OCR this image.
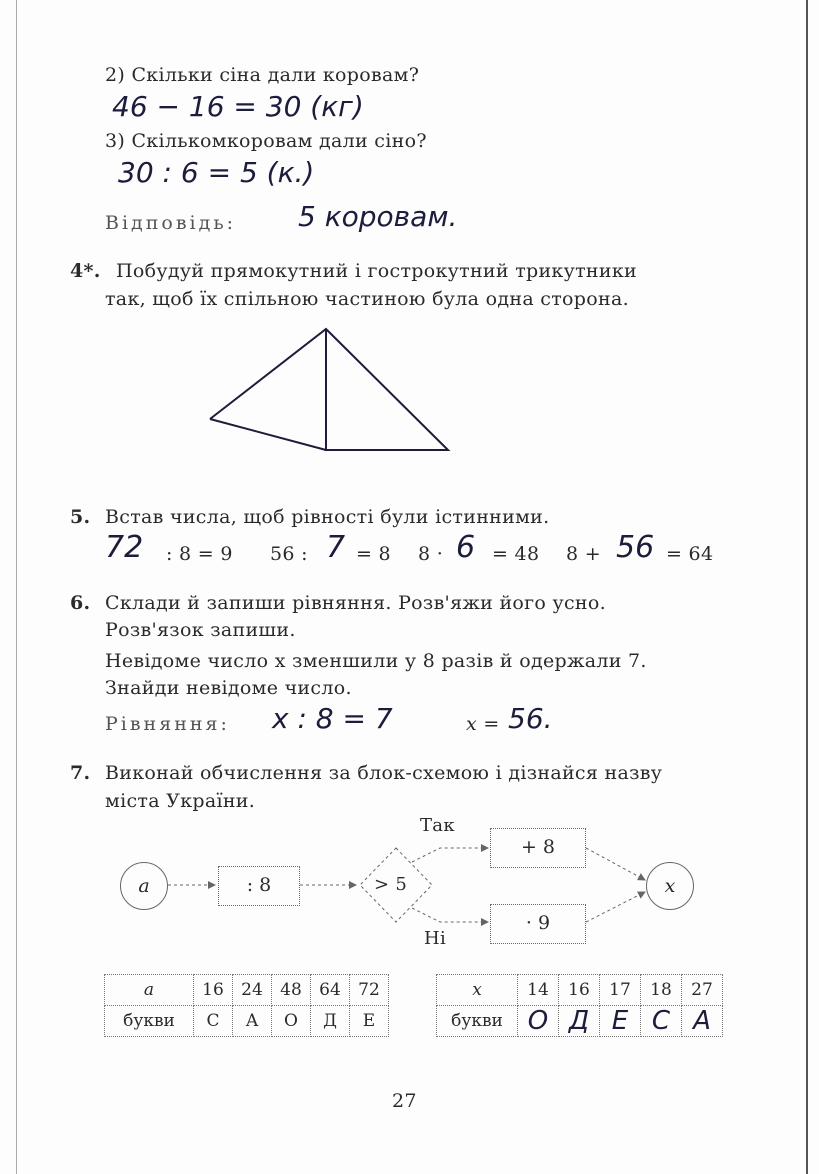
2) Скільки сіна дали коровам?
46 − 16 = 30 (кг)
3) Скількомкоровам дали сіно?
30 : 6 = 5 (к.)
Відповідь: 5 коровам.
4*. Побудуй прямокутний і гострокутний трикутники
так, щоб їх спільною частиною була одна сторона.
5. Встав числа, щоб рівності були істинними.
72 : 8 = 9 56 : 7 = 8 8 · 6 = 48 8 + 56 = 64
6. Склади й запиши рівняння. Розв'яжи його усно.
Розв'язок запиши.
Невідоме число x зменшили у 8 разів й одержали 7.
Знайди невідоме число.
Рівняння: x : 8 = 7	x = 56.
7. Виконай обчислення за блок-схемою і дізнайся назву
міста України.
a	: 8	> 5
Так
Ні
+ 8
· 9
x
a	16	24	48	64	72
букви	С	А	О	Д	Е
x	14	16	17	18	27
букви	О	Д	Е	С	А
27
